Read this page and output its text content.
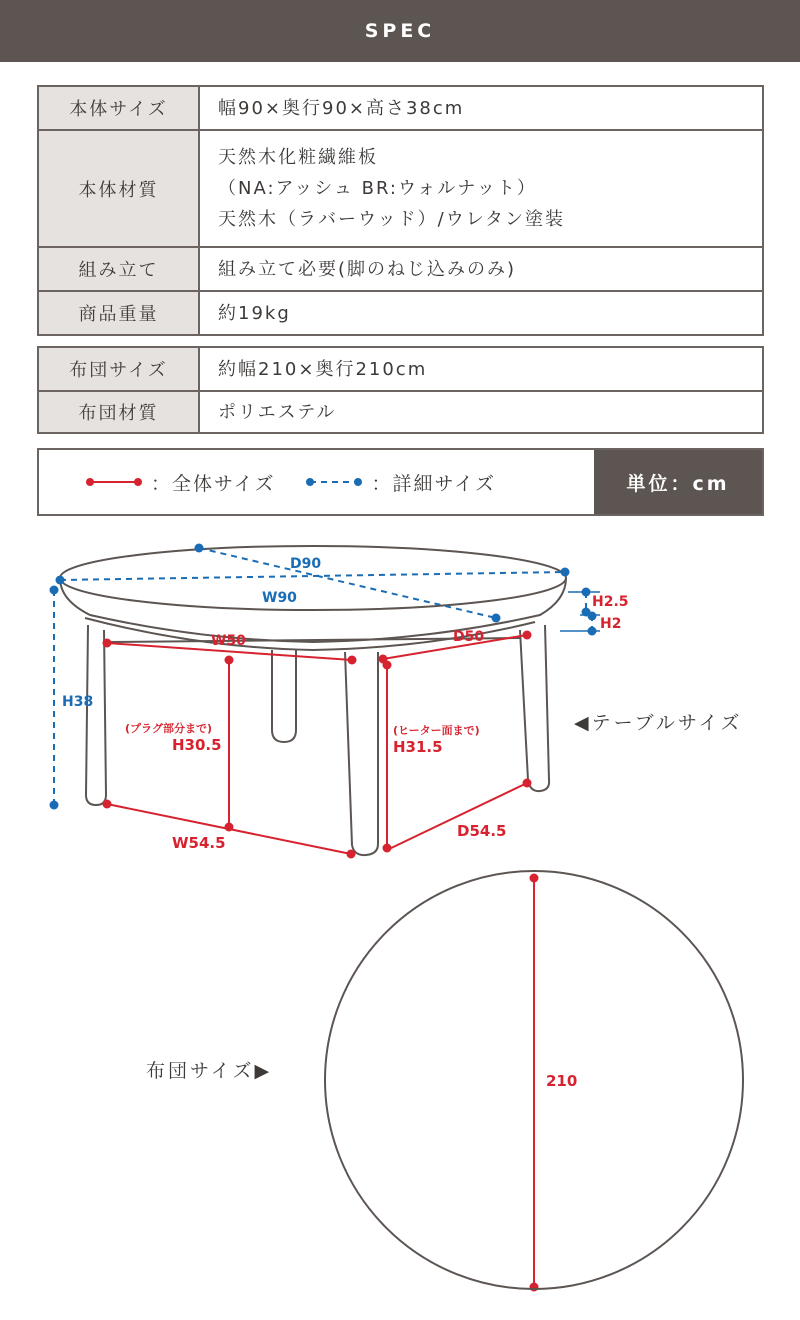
SPEC
本体サイズ	幅90×奥行90×高さ38cm

本体材質	天然木化粧繊維板
（NA:アッシュ BR:ウォルナット）
天然木（ラバーウッド）/ウレタン塗装

組み立て	組み立て必要(脚のねじ込みのみ)

商品重量	約19kg
布団サイズ	約幅210×奥行210cm

布団材質	ポリエステル
：全体サイズ	：詳細サイズ	単位：cm
D90
W90
H38
H2.5
H2
W50	D50
(プラグ部分まで)
H30.5
(ヒーター面まで)
H31.5
W54.5
D54.5
210
◀テーブルサイズ
布団サイズ▶
